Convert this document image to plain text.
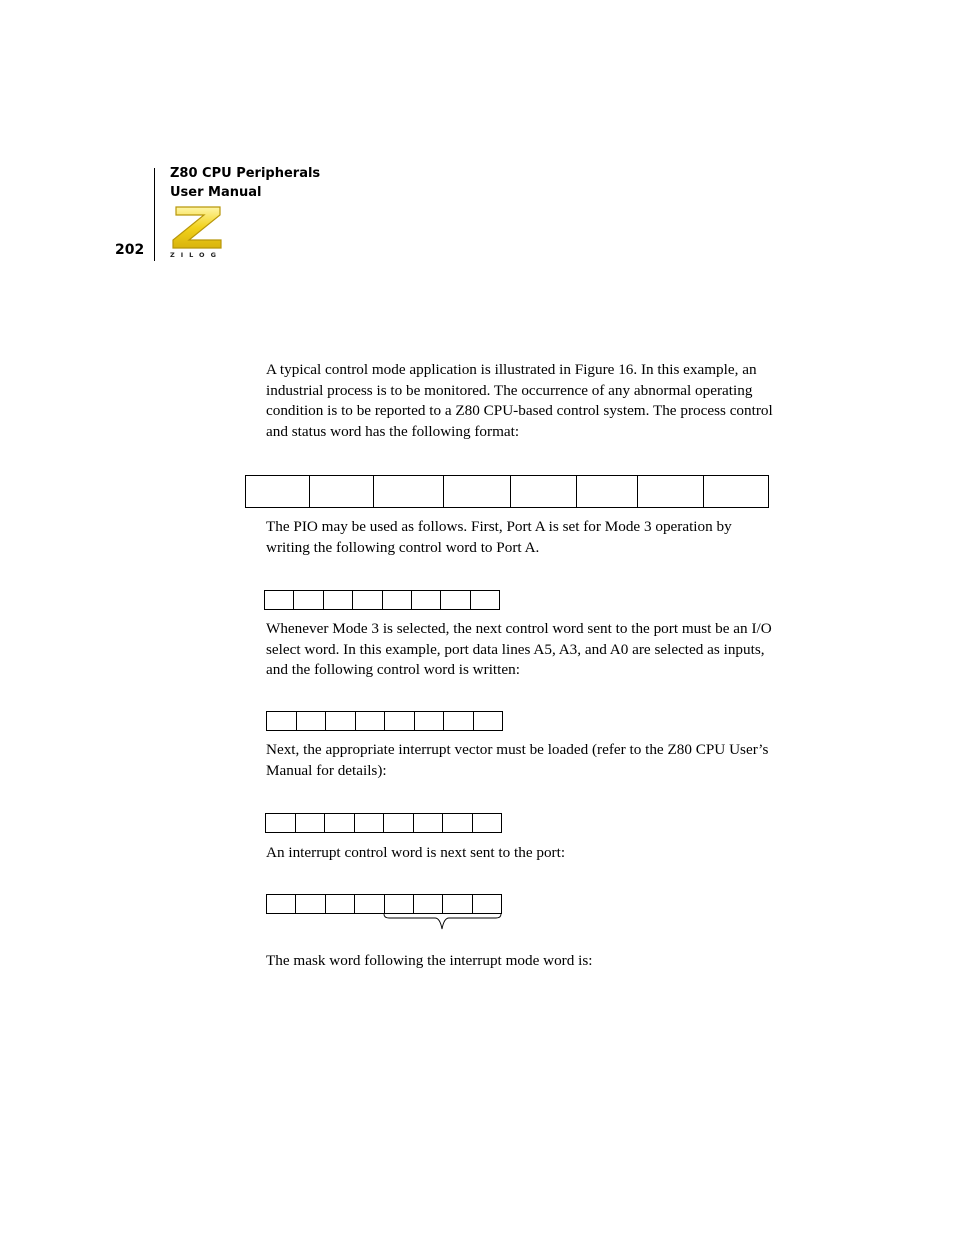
Z80 CPU Peripherals
User Manual
202	ZILOG

A typical control mode application is illustrated in Figure 16. In this example, an industrial process is to be monitored. The occurrence of any abnormal operating condition is to be reported to a Z80 CPU-based control system. The process control and status word has the following format:

The PIO may be used as follows. First, Port A is set for Mode 3 operation by writing the following control word to Port A.

Whenever Mode 3 is selected, the next control word sent to the port must be an I/O select word. In this example, port data lines A5, A3, and A0 are selected as inputs, and the following control word is written:

Next, the appropriate interrupt vector must be loaded (refer to the Z80 CPU User’s Manual for details):

An interrupt control word is next sent to the port:

The mask word following the interrupt mode word is:
